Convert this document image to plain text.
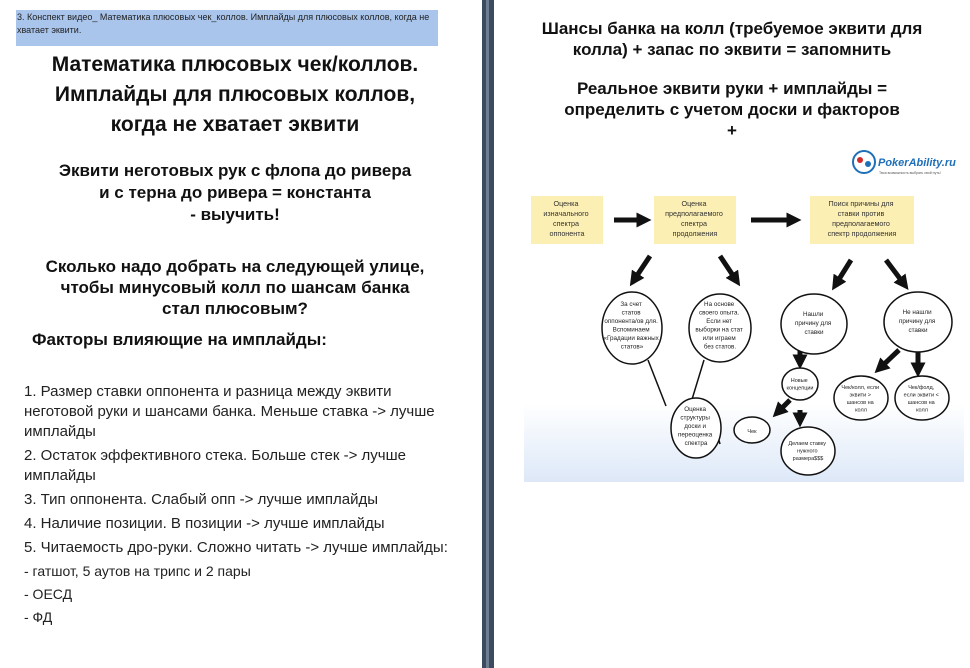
3. Конспект видео_ Математика плюсовых чек_коллов. Имплайды для плюсовых коллов, когда не хватает эквити.
Математика плюсовых чек/коллов.
Имплайды для плюсовых коллов,
когда не хватает эквити
Эквити неготовых рук с флопа до ривера
и с терна до ривера = константа
- выучить!
Сколько надо добрать на следующей улице,
чтобы минусовый колл по шансам банка
стал плюсовым?
Факторы влияющие на имплайды:
1. Размер ставки оппонента и разница между эквити неготовой руки и шансами банка. Меньше ставка -> лучше имплайды
2. Остаток эффективного стека. Больше стек -> лучше имплайды
3. Тип оппонента. Слабый опп -> лучше имплайды
4. Наличие позиции. В позиции -> лучше имплайды
5. Читаемость дро-руки. Сложно читать -> лучше имплайды:
- гатшот, 5 аутов на трипс и 2 пары
- ОЕСД
- ФД
Шансы банка на колл (требуемое эквити для
колла) + запас по эквити = запомнить
Реальное эквити руки + имплайды =
определить с учетом доски и факторов
+
PokerAbility.ru
Твоя возможность выбрать свой путь!
Оценка изначального спектра оппонента
Оценка предполагаемого спектра продолжения
Поиск причины для ставки против предполагаемого спектр продолжения
За счет статов оппонента/ов для. Вспоминаем «Градации важных статов»
На основе своего опыта. Если нет выборки на стат или играем без статов.
Нашли причину для ставки
Не нашли причину для ставки
Оценка структуры доски и переоценка спектра
Новые концепции	Чек/колл, если эквити > шансов на колл
Чек/фолд, если эквити < шансов на колл
Чек
Делаем ставку нужного размера$$$
